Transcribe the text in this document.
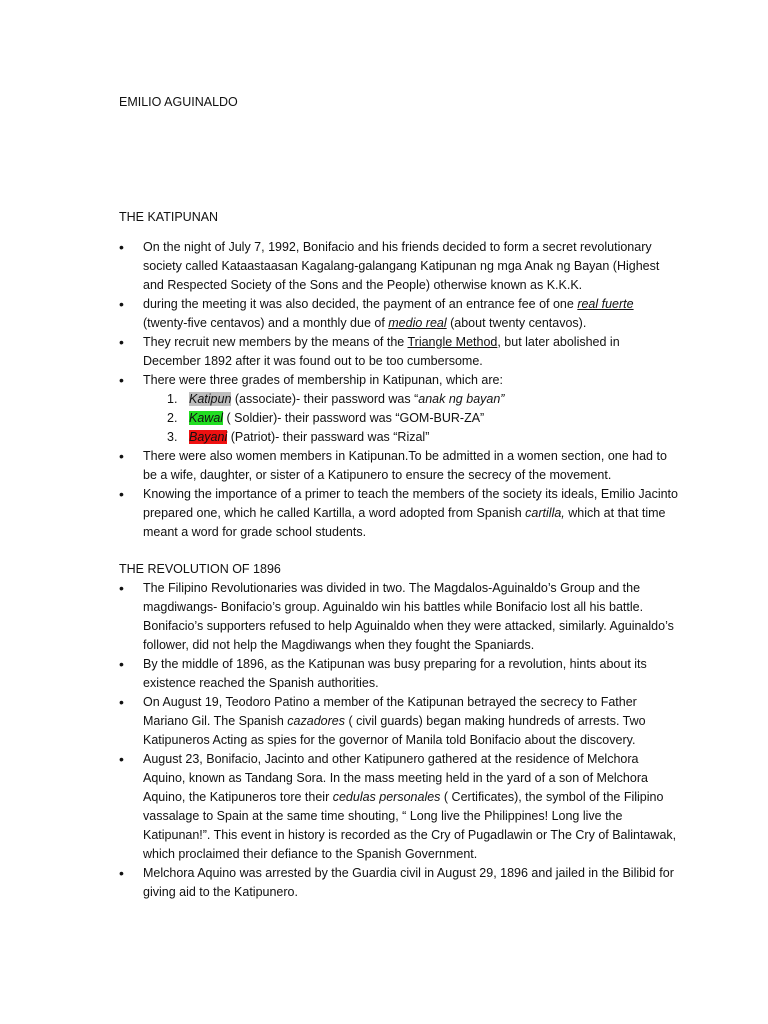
EMILIO AGUINALDO
THE KATIPUNAN
• On the night of July 7, 1992, Bonifacio and his friends decided to form a secret revolutionary society called Kataastaasan Kagalang-galangang Katipunan ng mga Anak ng Bayan (Highest and Respected Society of the Sons and the People) otherwise known as K.K.K.
• during the meeting it was also decided, the payment of an entrance fee of one real fuerte (twenty-five centavos) and a monthly due of medio real (about twenty centavos).
• They recruit new members by the means of the Triangle Method, but later abolished in December 1892 after it was found out to be too cumbersome.
• There were three grades of membership in Katipunan, which are:
1. Katipun (associate)- their password was “anak ng bayan”
2. Kawal ( Soldier)- their password was “GOM-BUR-ZA”
3. Bayani (Patriot)- their passward was “Rizal”
• There were also women members in Katipunan.To be admitted in a women section, one had to be a wife, daughter, or sister of a Katipunero to ensure the secrecy of the movement.
• Knowing the importance of a primer to teach the members of the society its ideals, Emilio Jacinto prepared one, which he called Kartilla, a word adopted from Spanish cartilla, which at that time meant a word for grade school students.
THE REVOLUTION OF 1896
• The Filipino Revolutionaries was divided in two. The Magdalos-Aguinaldo’s Group and the magdiwangs- Bonifacio’s group. Aguinaldo win his battles while Bonifacio lost all his battle. Bonifacio’s supporters refused to help Aguinaldo when they were attacked, similarly. Aguinaldo’s follower, did not help the Magdiwangs when they fought the Spaniards.
• By the middle of 1896, as the Katipunan was busy preparing for a revolution, hints about its existence reached the Spanish authorities.
• On August 19, Teodoro Patino a member of the Katipunan betrayed the secrecy to Father Mariano Gil. The Spanish cazadores ( civil guards) began making hundreds of arrests. Two Katipuneros Acting as spies for the governor of Manila told Bonifacio about the discovery.
• August 23, Bonifacio, Jacinto and other Katipunero gathered at the residence of Melchora Aquino, known as Tandang Sora. In the mass meeting held in the yard of a son of Melchora Aquino, the Katipuneros tore their cedulas personales ( Certificates), the symbol of the Filipino vassalage to Spain at the same time shouting, “ Long live the Philippines! Long live the Katipunan!”. This event in history is recorded as the Cry of Pugadlawin or The Cry of Balintawak, which proclaimed their defiance to the Spanish Government.
• Melchora Aquino was arrested by the Guardia civil in August 29, 1896 and jailed in the Bilibid for giving aid to the Katipunero.
